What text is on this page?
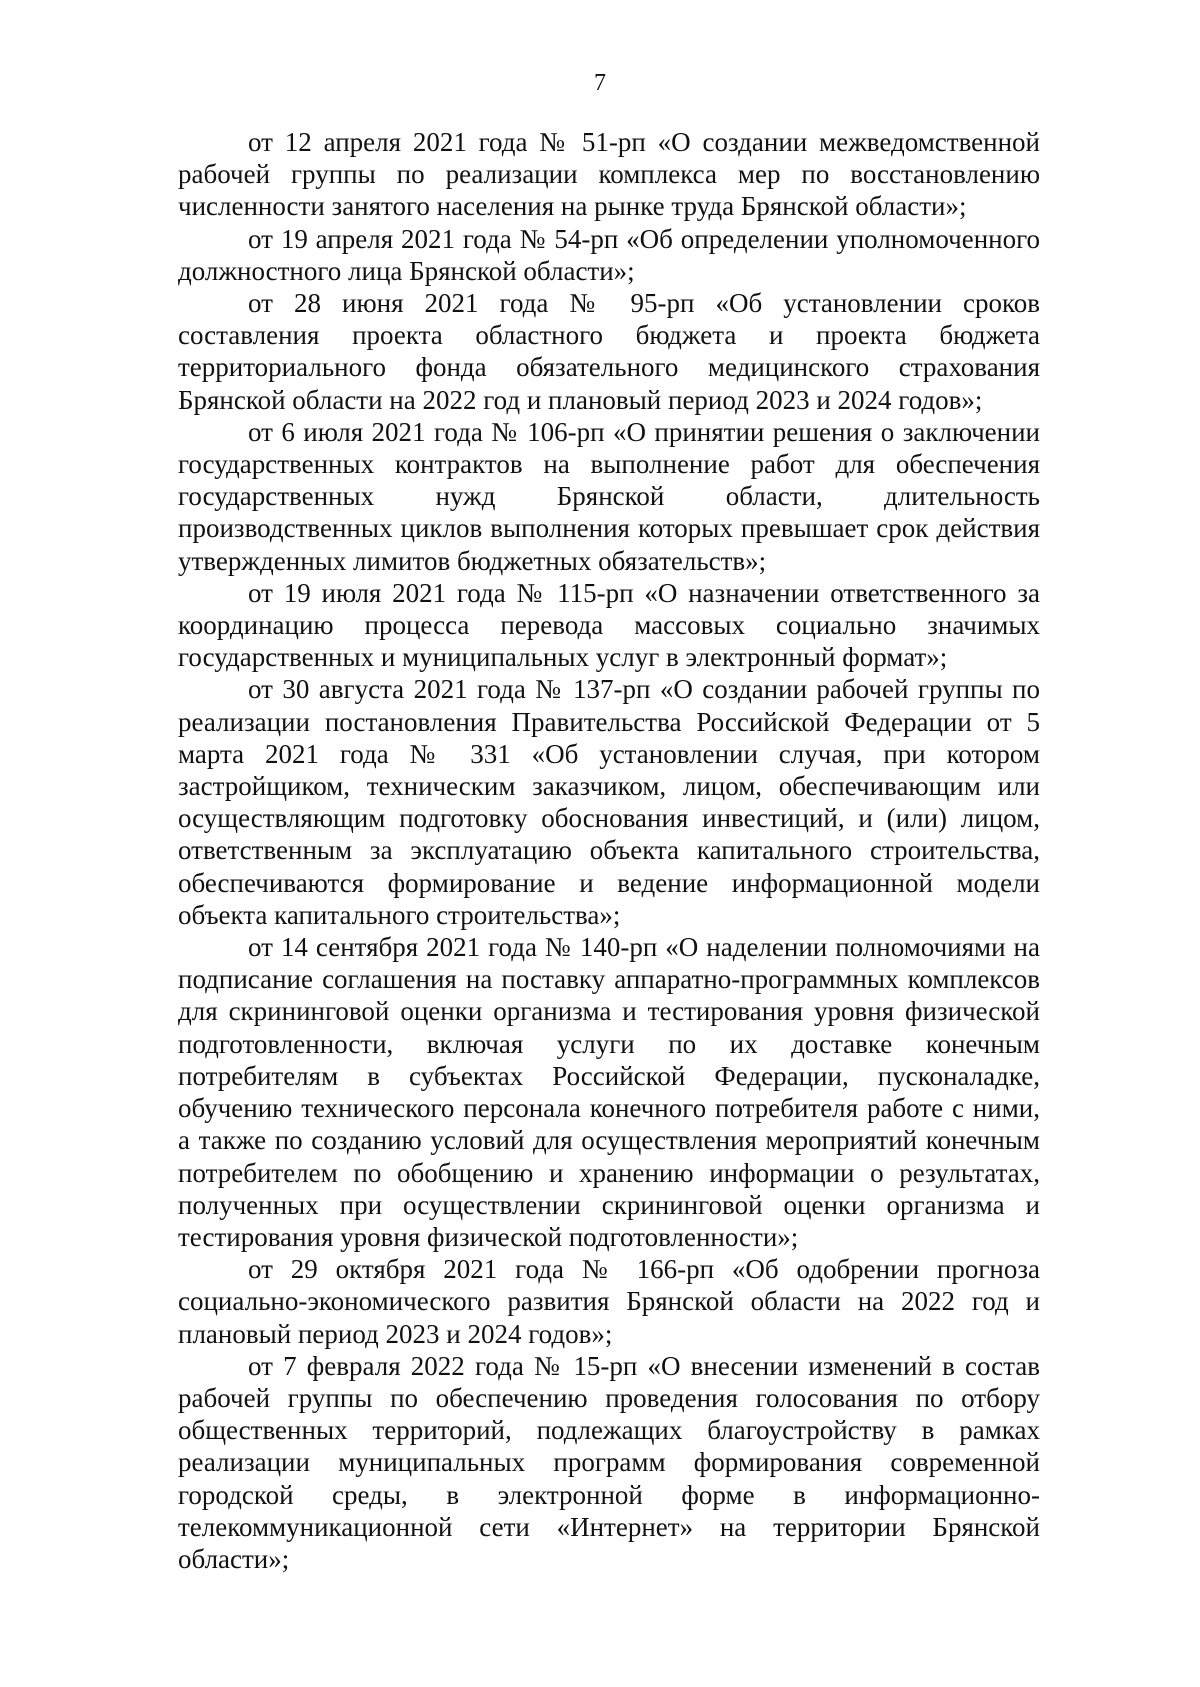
7

от 12 апреля 2021 года № 51-рп «О создании межведомственной рабочей группы по реализации комплекса мер по восстановлению численности занятого населения на рынке труда Брянской области»;

от 19 апреля 2021 года № 54-рп «Об определении уполномоченного должностного лица Брянской области»;

от 28 июня 2021 года № 95-рп «Об установлении сроков составления проекта областного бюджета и проекта бюджета территориального фонда обязательного медицинского страхования Брянской области на 2022 год и плановый период 2023 и 2024 годов»;

от 6 июля 2021 года № 106-рп «О принятии решения о заключении государственных контрактов на выполнение работ для обеспечения государственных нужд Брянской области, длительность производственных циклов выполнения которых превышает срок действия утвержденных лимитов бюджетных обязательств»;

от 19 июля 2021 года № 115-рп «О назначении ответственного за координацию процесса перевода массовых социально значимых государственных и муниципальных услуг в электронный формат»;

от 30 августа 2021 года № 137-рп «О создании рабочей группы по реализации постановления Правительства Российской Федерации от 5 марта 2021 года № 331 «Об установлении случая, при котором застройщиком, техническим заказчиком, лицом, обеспечивающим или осуществляющим подготовку обоснования инвестиций, и (или) лицом, ответственным за эксплуатацию объекта капитального строительства, обеспечиваются формирование и ведение информационной модели объекта капитального строительства»;

от 14 сентября 2021 года № 140-рп «О наделении полномочиями на подписание соглашения на поставку аппаратно-программных комплексов для скрининговой оценки организма и тестирования уровня физической подготовленности, включая услуги по их доставке конечным потребителям в субъектах Российской Федерации, пусконаладке, обучению технического персонала конечного потребителя работе с ними, а также по созданию условий для осуществления мероприятий конечным потребителем по обобщению и хранению информации о результатах, полученных при осуществлении скрининговой оценки организма и тестирования уровня физической подготовленности»;

от 29 октября 2021 года № 166-рп «Об одобрении прогноза социально-экономического развития Брянской области на 2022 год и плановый период 2023 и 2024 годов»;

от 7 февраля 2022 года № 15-рп «О внесении изменений в состав рабочей группы по обеспечению проведения голосования по отбору общественных территорий, подлежащих благоустройству в рамках реализации муниципальных программ формирования современной городской среды, в электронной форме в информационно-телекоммуникационной сети «Интернет» на территории Брянской области»;
